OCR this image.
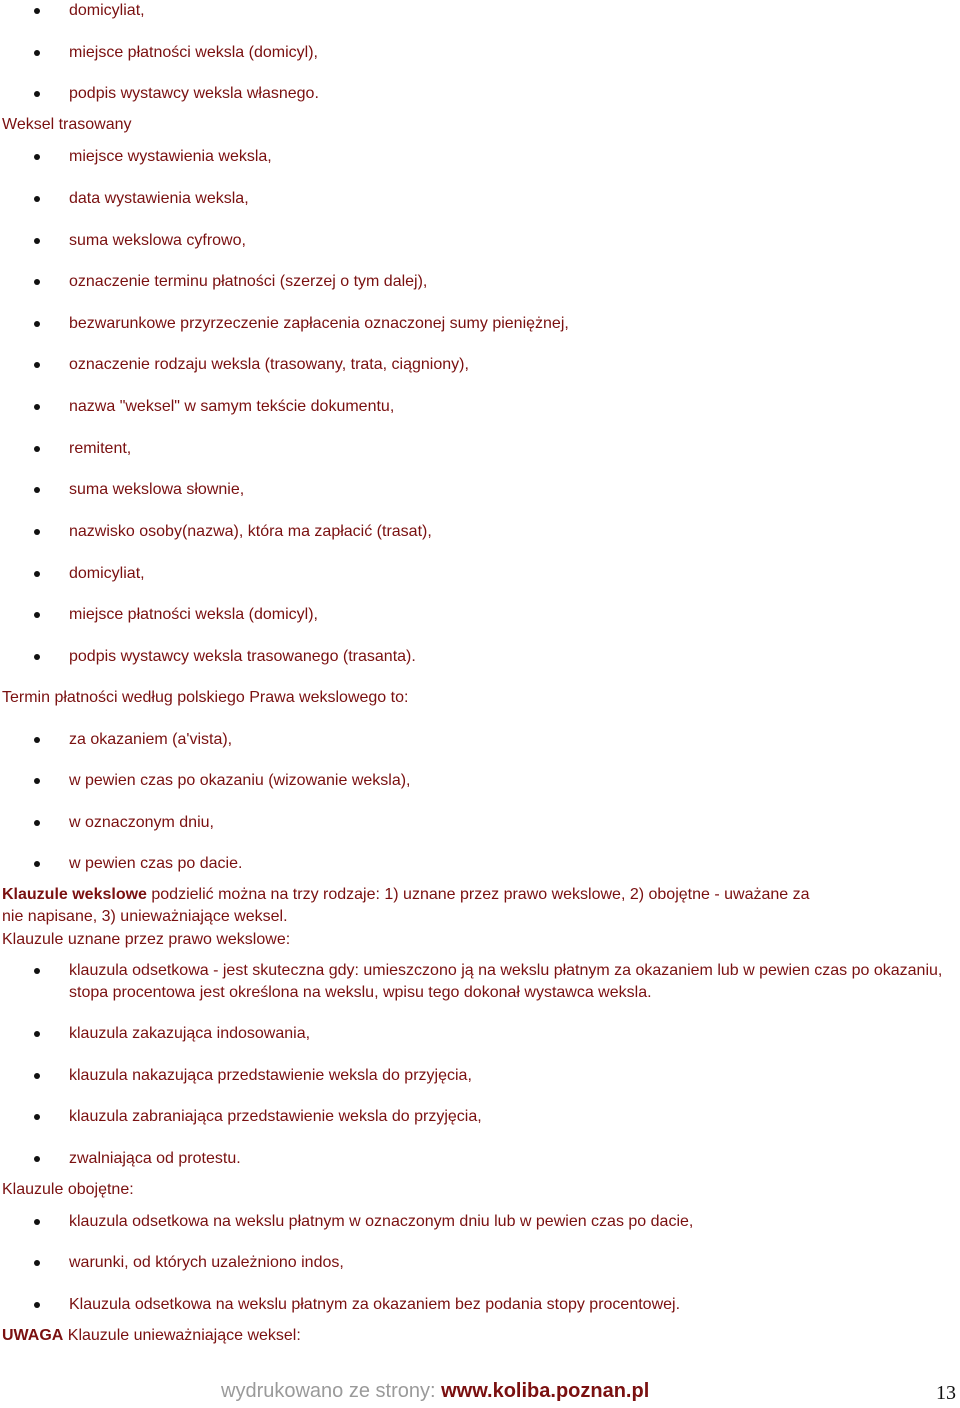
domicyliat,
miejsce płatności weksla (domicyl),
podpis wystawcy weksla własnego.
Weksel trasowany
miejsce wystawienia weksla,
data wystawienia weksla,
suma wekslowa cyfrowo,
oznaczenie terminu płatności (szerzej o tym dalej),
bezwarunkowe przyrzeczenie zapłacenia oznaczonej sumy pieniężnej,
oznaczenie rodzaju weksla (trasowany, trata, ciągniony),
nazwa "weksel" w samym tekście dokumentu,
remitent,
suma wekslowa słownie,
nazwisko osoby(nazwa), która ma zapłacić (trasat),
domicyliat,
miejsce płatności weksla (domicyl),
podpis wystawcy weksla trasowanego (trasanta).
Termin płatności według polskiego Prawa wekslowego to:
za okazaniem (a'vista),
w pewien czas po okazaniu (wizowanie weksla),
w oznaczonym dniu,
w pewien czas po dacie.
Klauzule wekslowe podzielić można na trzy rodzaje: 1) uznane przez prawo wekslowe, 2) obojętne - uważane za
nie napisane, 3) unieważniające weksel.
Klauzule uznane przez prawo wekslowe:
klauzula odsetkowa - jest skuteczna gdy: umieszczono ją na wekslu płatnym za okazaniem lub w pewien czas po okazaniu, stopa procentowa jest określona na wekslu, wpisu tego dokonał wystawca weksla.
klauzula zakazująca indosowania,
klauzula nakazująca przedstawienie weksla do przyjęcia,
klauzula zabraniająca przedstawienie weksla do przyjęcia,
zwalniająca od protestu.
Klauzule obojętne:
klauzula odsetkowa na wekslu płatnym w oznaczonym dniu lub w pewien czas po dacie,
warunki, od których uzależniono indos,
Klauzula odsetkowa na wekslu płatnym za okazaniem bez podania stopy procentowej.
UWAGA Klauzule unieważniające weksel:
wydrukowano ze strony: www.koliba.poznan.pl	13
